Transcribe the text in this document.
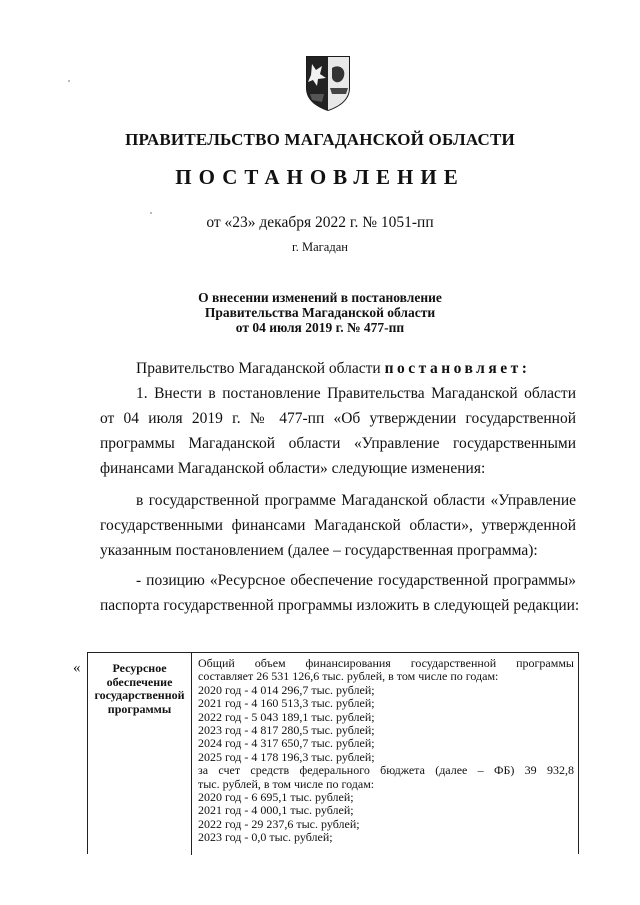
ПРАВИТЕЛЬСТВО МАГАДАНСКОЙ ОБЛАСТИ
ПОСТАНОВЛЕНИЕ
от «23» декабря 2022 г. № 1051-пп
г. Магадан
О внесении изменений в постановление
Правительства Магаданской области
от 04 июля 2019 г. № 477-пп
Правительство Магаданской области постановляет:
1. Внести в постановление Правительства Магаданской области
от 04 июля 2019 г. № 477-пп «Об утверждении государственной
программы Магаданской области «Управление государственными
финансами Магаданской области» следующие изменения:
в государственной программе Магаданской области «Управление
государственными финансами Магаданской области», утвержденной
указанным постановлением (далее – государственная программа):
- позицию «Ресурсное обеспечение государственной программы»
паспорта государственной программы изложить в следующей редакции:
«	Ресурсное
обеспечение
государственной
программы
Общий объем финансирования государственной программы
составляет 26 531 126,6 тыс. рублей, в том числе по годам:
2020 год - 4 014 296,7 тыс. рублей;
2021 год - 4 160 513,3 тыс. рублей;
2022 год - 5 043 189,1 тыс. рублей;
2023 год - 4 817 280,5 тыс. рублей;
2024 год - 4 317 650,7 тыс. рублей;
2025 год - 4 178 196,3 тыс. рублей;
за счет средств федерального бюджета (далее – ФБ) 39 932,8
тыс. рублей, в том числе по годам:
2020 год - 6 695,1 тыс. рублей;
2021 год - 4 000,1 тыс. рублей;
2022 год - 29 237,6 тыс. рублей;
2023 год - 0,0 тыс. рублей;
